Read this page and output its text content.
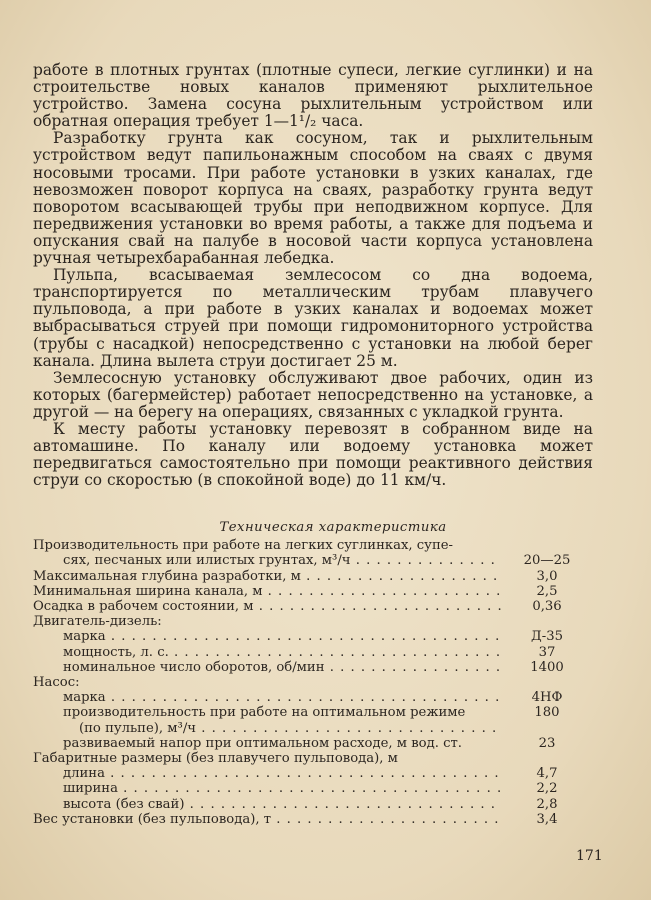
работе в плотных грунтах (плотные супеси, легкие суглинки) и на строительстве новых каналов применяют рыхлительное устройство. Замена сосуна рыхлительным устройством или обратная операция требует 1—1¹/₂ часа.

Разработку грунта как сосуном, так и рыхлительным устройством ведут папильонажным способом на сваях с двумя носовыми тросами. При работе установки в узких каналах, где невозможен поворот корпуса на сваях, разработку грунта ведут поворотом всасывающей трубы при неподвижном корпусе. Для передвижения установки во время работы, а также для подъема и опускания свай на палубе в носовой части корпуса установлена ручная четырехбарабанная лебедка.

Пульпа, всасываемая землесосом со дна водоема, транспортируется по металлическим трубам плавучего пульповода, а при работе в узких каналах и водоемах может выбрасываться струей при помощи гидромониторного устройства (трубы с насадкой) непосредственно с установки на любой берег канала. Длина вылета струи достигает 25 м.

Землесосную установку обслуживают двое рабочих, один из которых (багермейстер) работает непосредственно на установке, а другой — на берегу на операциях, связанных с укладкой грунта.

К месту работы установку перевозят в собранном виде на автомашине. По каналу или водоему установка может передвигаться самостоятельно при помощи реактивного действия струи со скоростью (в спокойной воде) до 11 км/ч.

Техническая характеристика
Производительность при работе на легких суглинках, супе-
сях, песчаных или илистых грунтах, м³/ч . . .	20—25
Максимальная глубина разработки, м . . .	3,0
Минимальная ширина канала, м . . .	2,5
Осадка в рабочем состоянии, м . . .	0,36
Двигатель-дизель:
марка . . .	Д-35
мощность, л. с. . . .	37
номинальное число оборотов, об/мин . . .	1400
Насос:
марка . . .	4НФ
производительность при работе на оптимальном режиме	180
(по пульпе), м³/ч . . .
развиваемый напор при оптимальном расходе, м вод. ст.	23
Габаритные размеры (без плавучего пульповода), м
длина . . .	4,7
ширина . . .	2,2
высота (без свай) . . .	2,8
Вес установки (без пульповода), т . . .	3,4
171
